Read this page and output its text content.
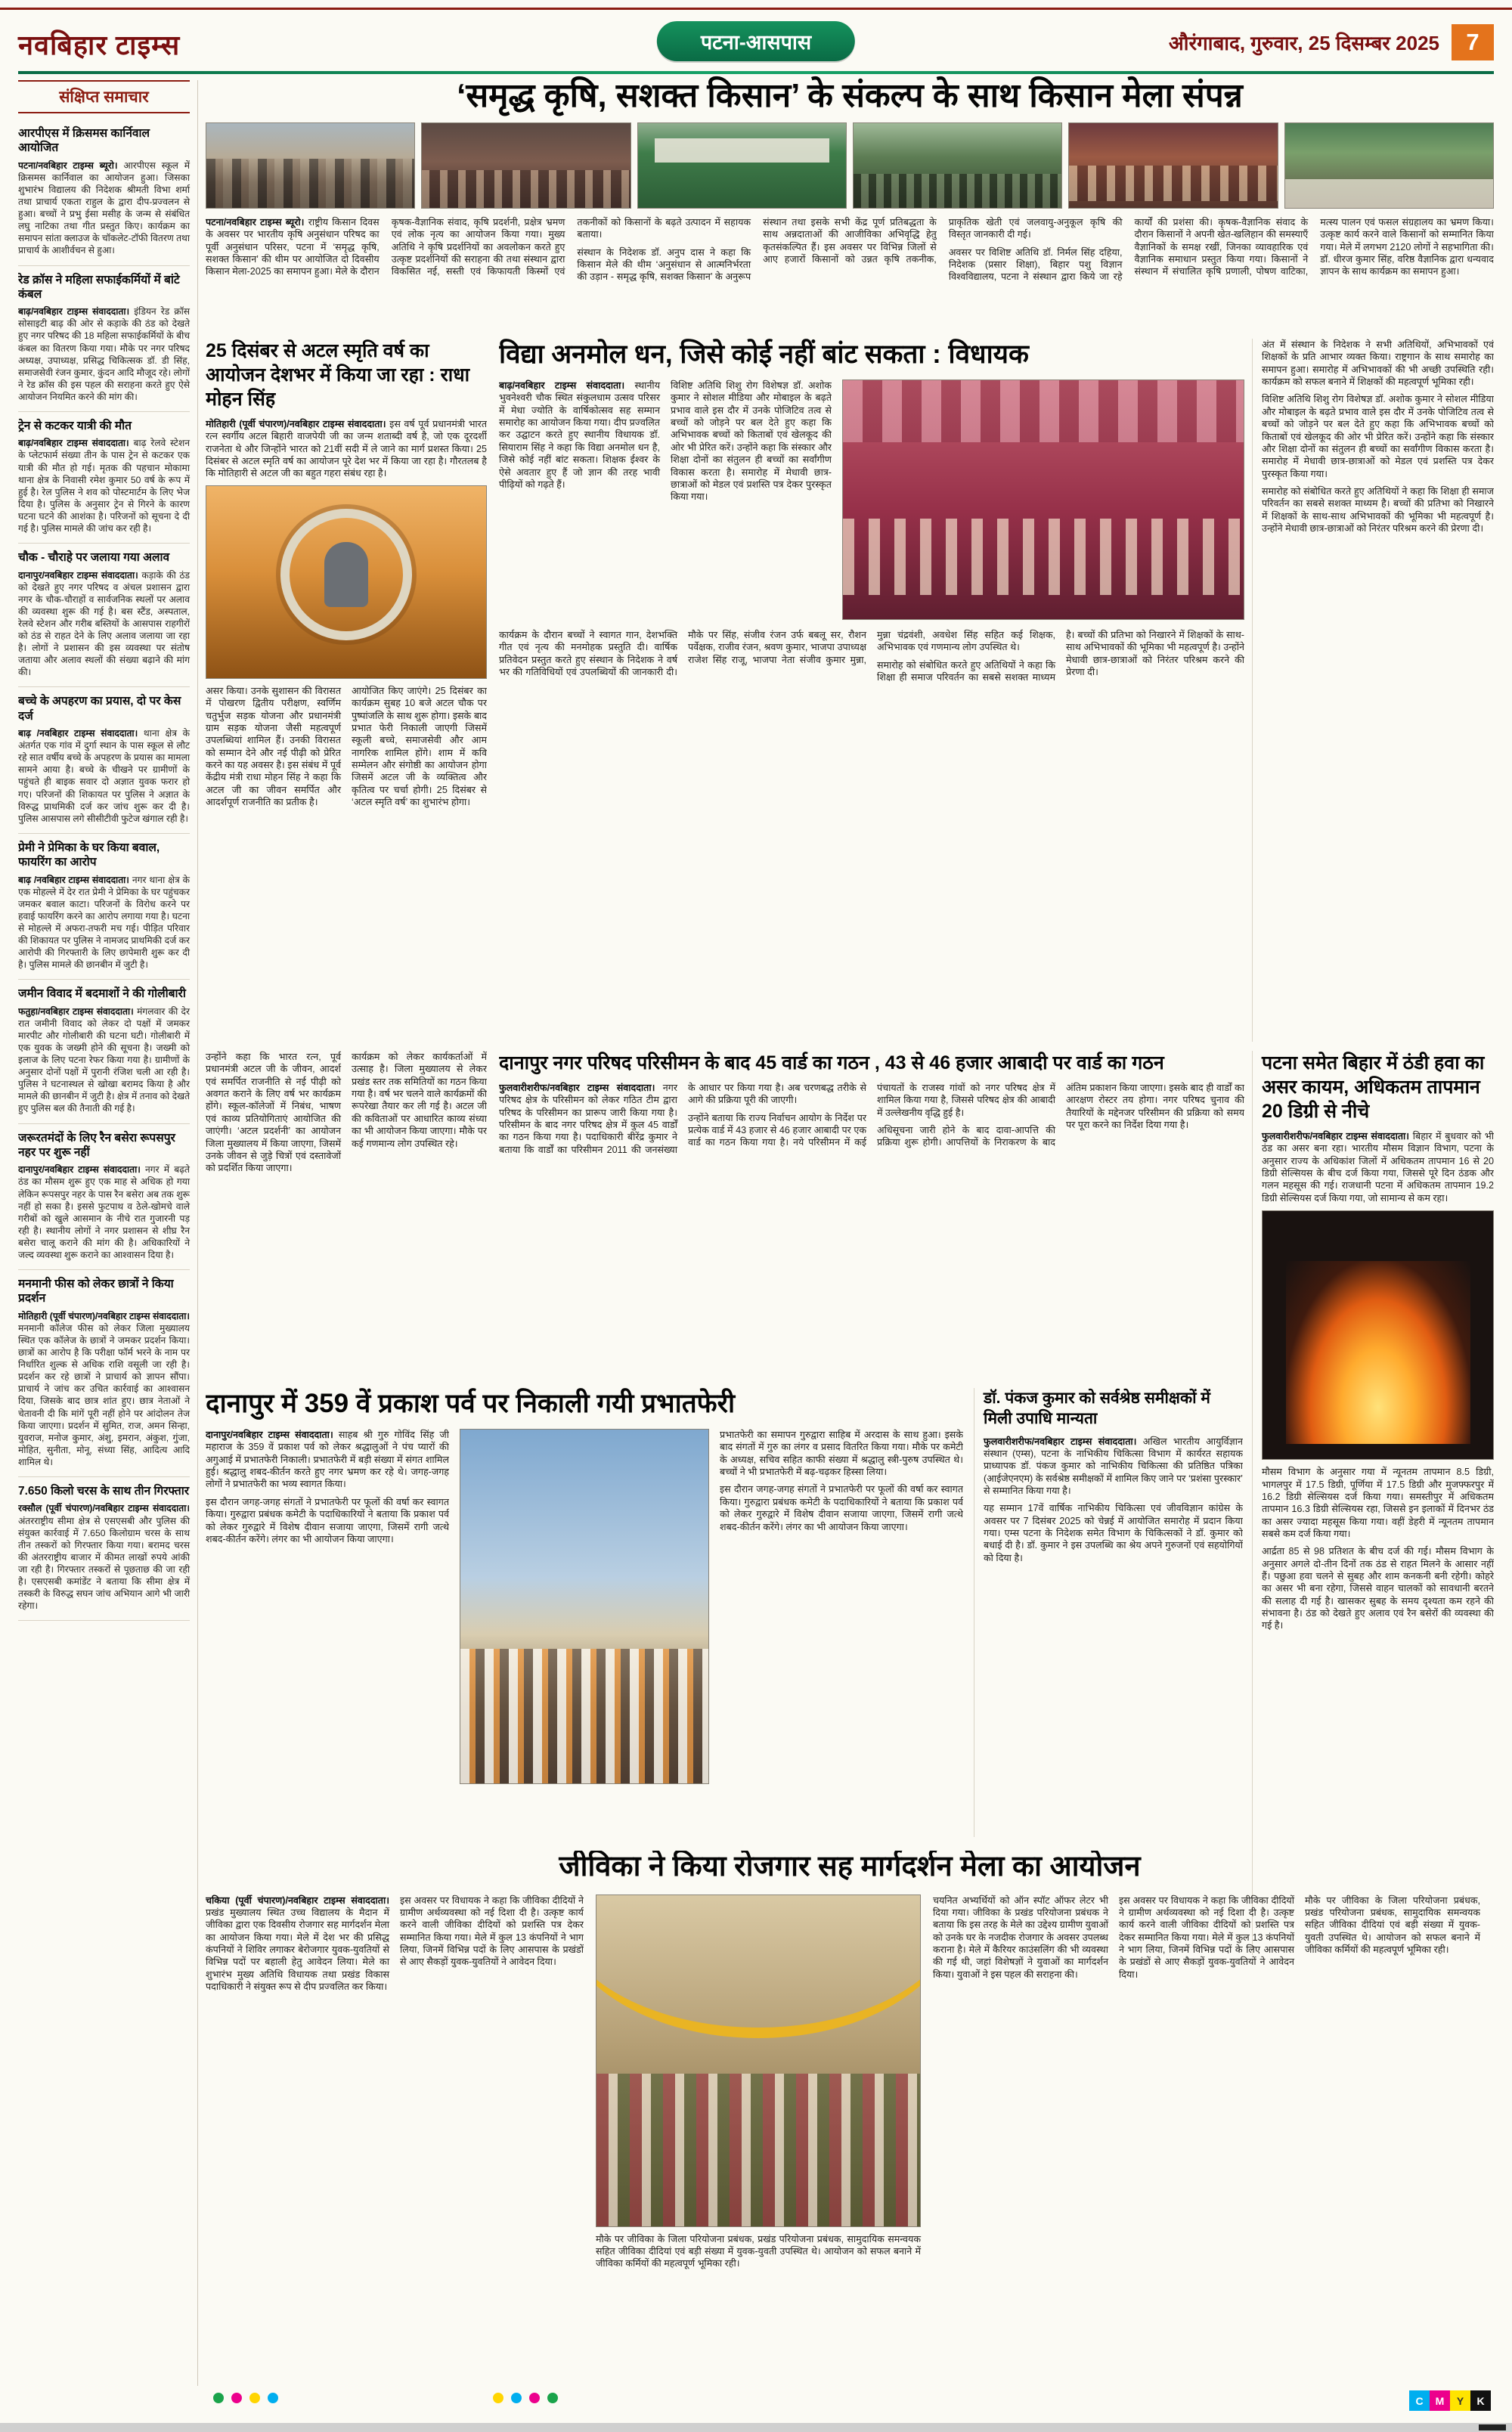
नवबिहार टाइम्स	पटना-आसपास	औरंगाबाद, गुरुवार, 25 दिसम्बर 2025	7
संक्षिप्त समाचार
आरपीएस में क्रिसमस कार्निवाल आयोजित

पटना/नवबिहार टाइम्स ब्यूरो। आरपीएस स्कूल में क्रिसमस कार्निवाल का आयोजन हुआ। जिसका शुभारंभ विद्यालय की निदेशक श्रीमती विभा शर्मा तथा प्राचार्य एकता राहुल के द्वारा दीप-प्रज्वलन से हुआ। बच्चों ने प्रभु ईसा मसीह के जन्म से संबंधित लघु नाटिका तथा गीत प्रस्तुत किए। कार्यक्रम का समापन सांता क्लाउज के चॉकलेट-टॉफी वितरण तथा प्राचार्य के आशीर्वचन से हुआ।

रेड क्रॉस ने महिला सफाईकर्मियों में बांटे कंबल

बाढ़/नवबिहार टाइम्स संवाददाता। इंडियन रेड क्रॉस सोसाइटी बाढ़ की ओर से कड़ाके की ठंड को देखते हुए नगर परिषद की 18 महिला सफाईकर्मियों के बीच कंबल का वितरण किया गया। मौके पर नगर परिषद अध्यक्ष, उपाध्यक्ष, प्रसिद्ध चिकित्सक डॉ. डी सिंह, समाजसेवी रंजन कुमार, कुंदन आदि मौजूद रहे। लोगों ने रेड क्रॉस की इस पहल की सराहना करते हुए ऐसे आयोजन नियमित करने की मांग की।

ट्रेन से कटकर यात्री की मौत

बाढ़/नवबिहार टाइम्स संवाददाता। बाढ़ रेलवे स्टेशन के प्लेटफार्म संख्या तीन के पास ट्रेन से कटकर एक यात्री की मौत हो गई। मृतक की पहचान मोकामा थाना क्षेत्र के निवासी रमेश कुमार 50 वर्ष के रूप में हुई है। रेल पुलिस ने शव को पोस्टमार्टम के लिए भेज दिया है। पुलिस के अनुसार ट्रेन से गिरने के कारण घटना घटने की आशंका है। परिजनों को सूचना दे दी गई है। पुलिस मामले की जांच कर रही है।

चौक - चौराहे पर जलाया गया अलाव

दानापुर/नवबिहार टाइम्स संवाददाता। कड़ाके की ठंड को देखते हुए नगर परिषद व अंचल प्रशासन द्वारा नगर के चौक-चौराहों व सार्वजनिक स्थलों पर अलाव की व्यवस्था शुरू की गई है। बस स्टैंड, अस्पताल, रेलवे स्टेशन और गरीब बस्तियों के आसपास राहगीरों को ठंड से राहत देने के लिए अलाव जलाया जा रहा है। लोगों ने प्रशासन की इस व्यवस्था पर संतोष जताया और अलाव स्थलों की संख्या बढ़ाने की मांग की।

बच्चे के अपहरण का प्रयास, दो पर केस दर्ज

बाढ़ /नवबिहार टाइम्स संवाददाता। थाना क्षेत्र के अंतर्गत एक गांव में दुर्गा स्थान के पास स्कूल से लौट रहे सात वर्षीय बच्चे के अपहरण के प्रयास का मामला सामने आया है। बच्चे के चीखने पर ग्रामीणों के पहुंचते ही बाइक सवार दो अज्ञात युवक फरार हो गए। परिजनों की शिकायत पर पुलिस ने अज्ञात के विरुद्ध प्राथमिकी दर्ज कर जांच शुरू कर दी है। पुलिस आसपास लगे सीसीटीवी फुटेज खंगाल रही है।

प्रेमी ने प्रेमिका के घर किया बवाल, फायरिंग का आरोप

बाढ़ /नवबिहार टाइम्स संवाददाता। नगर थाना क्षेत्र के एक मोहल्ले में देर रात प्रेमी ने प्रेमिका के घर पहुंचकर जमकर बवाल काटा। परिजनों के विरोध करने पर हवाई फायरिंग करने का आरोप लगाया गया है। घटना से मोहल्ले में अफरा-तफरी मच गई। पीड़ित परिवार की शिकायत पर पुलिस ने नामजद प्राथमिकी दर्ज कर आरोपी की गिरफ्तारी के लिए छापेमारी शुरू कर दी है। पुलिस मामले की छानबीन में जुटी है।

जमीन विवाद में बदमाशों ने की गोलीबारी

फतुहा/नवबिहार टाइम्स संवाददाता। मंगलवार की देर रात जमीनी विवाद को लेकर दो पक्षों में जमकर मारपीट और गोलीबारी की घटना घटी। गोलीबारी में एक युवक के जख्मी होने की सूचना है। जख्मी को इलाज के लिए पटना रेफर किया गया है। ग्रामीणों के अनुसार दोनों पक्षों में पुरानी रंजिश चली आ रही है। पुलिस ने घटनास्थल से खोखा बरामद किया है और मामले की छानबीन में जुटी है। क्षेत्र में तनाव को देखते हुए पुलिस बल की तैनाती की गई है।

जरूरतमंदों के लिए रैन बसेरा रूपसपुर नहर पर शुरू नहीं

दानापुर/नवबिहार टाइम्स संवाददाता। नगर में बढ़ते ठंड का मौसम शुरू हुए एक माह से अधिक हो गया लेकिन रूपसपुर नहर के पास रैन बसेरा अब तक शुरू नहीं हो सका है। इससे फुटपाथ व ठेले-खोमचे वाले गरीबों को खुले आसमान के नीचे रात गुजारनी पड़ रही है। स्थानीय लोगों ने नगर प्रशासन से शीघ्र रैन बसेरा चालू कराने की मांग की है। अधिकारियों ने जल्द व्यवस्था शुरू कराने का आश्वासन दिया है।

मनमानी फीस को लेकर छात्रों ने किया प्रदर्शन

मोतिहारी (पूर्वी चंपारण)/नवबिहार टाइम्स संवाददाता। मनमानी कॉलेज फीस को लेकर जिला मुख्यालय स्थित एक कॉलेज के छात्रों ने जमकर प्रदर्शन किया। छात्रों का आरोप है कि परीक्षा फॉर्म भरने के नाम पर निर्धारित शुल्क से अधिक राशि वसूली जा रही है। प्रदर्शन कर रहे छात्रों ने प्राचार्य को ज्ञापन सौंपा। प्राचार्य ने जांच कर उचित कार्रवाई का आश्वासन दिया, जिसके बाद छात्र शांत हुए। छात्र नेताओं ने चेतावनी दी कि मांगें पूरी नहीं होने पर आंदोलन तेज किया जाएगा। प्रदर्शन में सुमित, राज, अमन सिन्हा, युवराज, मनोज कुमार, अंशु, इमरान, अंकुश, गुंजा, मोहित, सुनीता, मोनू, संध्या सिंह, आदित्य आदि शामिल थे।

7.650 किलो चरस के साथ तीन गिरफ्तार

रक्सौल (पूर्वी चंपारण)/नवबिहार टाइम्स संवाददाता। अंतरराष्ट्रीय सीमा क्षेत्र से एसएसबी और पुलिस की संयुक्त कार्रवाई में 7.650 किलोग्राम चरस के साथ तीन तस्करों को गिरफ्तार किया गया। बरामद चरस की अंतरराष्ट्रीय बाजार में कीमत लाखों रुपये आंकी जा रही है। गिरफ्तार तस्करों से पूछताछ की जा रही है। एसएसबी कमांडेंट ने बताया कि सीमा क्षेत्र में तस्करी के विरुद्ध सघन जांच अभियान आगे भी जारी रहेगा।

‘समृद्ध कृषि, सशक्त किसान’ के संकल्प के साथ किसान मेला संपन्न

पटना/नवबिहार टाइम्स ब्यूरो। राष्ट्रीय किसान दिवस के अवसर पर भारतीय कृषि अनुसंधान परिषद का पूर्वी अनुसंधान परिसर, पटना में ‘समृद्ध कृषि, सशक्त किसान’ की थीम पर आयोजित दो दिवसीय किसान मेला-2025 का समापन हुआ। मेले के दौरान कृषक-वैज्ञानिक संवाद, कृषि प्रदर्शनी, प्रक्षेत्र भ्रमण एवं लोक नृत्य का आयोजन किया गया। मुख्य अतिथि ने कृषि प्रदर्शनियों का अवलोकन करते हुए उत्कृष्ट प्रदर्शनियों की सराहना की तथा संस्थान द्वारा विकसित नई, सस्ती एवं किफायती किस्मों एवं तकनीकों को किसानों के बढ़ते उत्पादन में सहायक बताया।

संस्थान के निदेशक डॉ. अनुप दास ने कहा कि किसान मेले की थीम ‘अनुसंधान से आत्मनिर्भरता की उड़ान - समृद्ध कृषि, सशक्त किसान’ के अनुरूप संस्थान तथा इसके सभी केंद्र पूर्ण प्रतिबद्धता के साथ अन्नदाताओं की आजीविका अभिवृद्धि हेतु कृतसंकल्पित हैं। इस अवसर पर विभिन्न जिलों से आए हजारों किसानों को उन्नत कृषि तकनीक, प्राकृतिक खेती एवं जलवायु-अनुकूल कृषि की विस्तृत जानकारी दी गई।

अवसर पर विशिष्ट अतिथि डॉ. निर्मल सिंह दहिया, निदेशक (प्रसार शिक्षा), बिहार पशु विज्ञान विश्वविद्यालय, पटना ने संस्थान द्वारा किये जा रहे कार्यों की प्रशंसा की। कृषक-वैज्ञानिक संवाद के दौरान किसानों ने अपनी खेत-खलिहान की समस्याएँ वैज्ञानिकों के समक्ष रखीं, जिनका व्यावहारिक एवं वैज्ञानिक समाधान प्रस्तुत किया गया। किसानों ने संस्थान में संचालित कृषि प्रणाली, पोषण वाटिका, मत्स्य पालन एवं फसल संग्रहालय का भ्रमण किया। उत्कृष्ट कार्य करने वाले किसानों को सम्मानित किया गया। मेले में लगभग 2120 लोगों ने सहभागिता की। डॉ. धीरज कुमार सिंह, वरिष्ठ वैज्ञानिक द्वारा धन्यवाद ज्ञापन के साथ कार्यक्रम का समापन हुआ।

25 दिसंबर से अटल स्मृति वर्ष का आयोजन देशभर में किया जा रहा : राधा मोहन सिंह

मोतिहारी (पूर्वी चंपारण)/नवबिहार टाइम्स संवाददाता। इस वर्ष पूर्व प्रधानमंत्री भारत रत्न स्वर्गीय अटल बिहारी वाजपेयी जी का जन्म शताब्दी वर्ष है, जो एक दूरदर्शी राजनेता थे और जिन्होंने भारत को 21वीं सदी में ले जाने का मार्ग प्रशस्त किया। 25 दिसंबर से अटल स्मृति वर्ष का आयोजन पूरे देश भर में किया जा रहा है। गौरतलब है कि मोतिहारी से अटल जी का बहुत गहरा संबंध रहा है।

असर किया। उनके सुशासन की विरासत में पोखरण द्वितीय परीक्षण, स्वर्णिम चतुर्भुज सड़क योजना और प्रधानमंत्री ग्राम सड़क योजना जैसी महत्वपूर्ण उपलब्धियां शामिल हैं। उनकी विरासत को सम्मान देने और नई पीढ़ी को प्रेरित करने का यह अवसर है। इस संबंध में पूर्व केंद्रीय मंत्री राधा मोहन सिंह ने कहा कि अटल जी का जीवन समर्पित और आदर्शपूर्ण राजनीति का प्रतीक है।

आयोजित किए जाएंगे। 25 दिसंबर का कार्यक्रम सुबह 10 बजे अटल चौक पर पुष्पांजलि के साथ शुरू होगा। इसके बाद प्रभात फेरी निकाली जाएगी जिसमें स्कूली बच्चे, समाजसेवी और आम नागरिक शामिल होंगे। शाम में कवि सम्मेलन और संगोष्ठी का आयोजन होगा जिसमें अटल जी के व्यक्तित्व और कृतित्व पर चर्चा होगी। 25 दिसंबर से ‘अटल स्मृति वर्ष’ का शुभारंभ होगा।

विद्या अनमोल धन, जिसे कोई नहीं बांट सकता : विधायक

बाढ़/नवबिहार टाइम्स संवाददाता। स्थानीय भुवनेश्वरी चौक स्थित संकुलधाम उत्सव परिसर में मेधा ज्योति के वार्षिकोत्सव सह सम्मान समारोह का आयोजन किया गया। दीप प्रज्वलित कर उद्घाटन करते हुए स्थानीय विधायक डॉ. सियाराम सिंह ने कहा कि विद्या अनमोल धन है, जिसे कोई नहीं बांट सकता। शिक्षक ईश्वर के ऐसे अवतार हुए हैं जो ज्ञान की तरह भावी पीढ़ियों को गढ़ते हैं।

विशिष्ट अतिथि शिशु रोग विशेषज्ञ डॉ. अशोक कुमार ने सोशल मीडिया और मोबाइल के बढ़ते प्रभाव वाले इस दौर में उनके पोजिटिव तत्व से बच्चों को जोड़ने पर बल देते हुए कहा कि अभिभावक बच्चों को किताबों एवं खेलकूद की ओर भी प्रेरित करें। उन्होंने कहा कि संस्कार और शिक्षा दोनों का संतुलन ही बच्चों का सर्वांगीण विकास करता है। समारोह में मेधावी छात्र-छात्राओं को मेडल एवं प्रशस्ति पत्र देकर पुरस्कृत किया गया।

कार्यक्रम के दौरान बच्चों ने स्वागत गान, देशभक्ति गीत एवं नृत्य की मनमोहक प्रस्तुति दी। वार्षिक प्रतिवेदन प्रस्तुत करते हुए संस्थान के निदेशक ने वर्ष भर की गतिविधियों एवं उपलब्धियों की जानकारी दी। मौके पर सिंह, संजीव रंजन उर्फ बबलू सर, रौशन पर्वेक्षक, राजीव रंजन, श्रवण कुमार, भाजपा उपाध्यक्ष राजेश सिंह राजू, भाजपा नेता संजीव कुमार मुन्ना, मुन्ना चंद्रवंशी, अवधेश सिंह सहित कई शिक्षक, अभिभावक एवं गणमान्य लोग उपस्थित थे।

समारोह को संबोधित करते हुए अतिथियों ने कहा कि शिक्षा ही समाज परिवर्तन का सबसे सशक्त माध्यम है। बच्चों की प्रतिभा को निखारने में शिक्षकों के साथ-साथ अभिभावकों की भूमिका भी महत्वपूर्ण है। उन्होंने मेधावी छात्र-छात्राओं को निरंतर परिश्रम करने की प्रेरणा दी।

अंत में संस्थान के निदेशक ने सभी अतिथियों, अभिभावकों एवं शिक्षकों के प्रति आभार व्यक्त किया। राष्ट्रगान के साथ समारोह का समापन हुआ। समारोह में अभिभावकों की भी अच्छी उपस्थिति रही। कार्यक्रम को सफल बनाने में शिक्षकों की महत्वपूर्ण भूमिका रही।

विशिष्ट अतिथि शिशु रोग विशेषज्ञ डॉ. अशोक कुमार ने सोशल मीडिया और मोबाइल के बढ़ते प्रभाव वाले इस दौर में उनके पोजिटिव तत्व से बच्चों को जोड़ने पर बल देते हुए कहा कि अभिभावक बच्चों को किताबों एवं खेलकूद की ओर भी प्रेरित करें। उन्होंने कहा कि संस्कार और शिक्षा दोनों का संतुलन ही बच्चों का सर्वांगीण विकास करता है। समारोह में मेधावी छात्र-छात्राओं को मेडल एवं प्रशस्ति पत्र देकर पुरस्कृत किया गया।

समारोह को संबोधित करते हुए अतिथियों ने कहा कि शिक्षा ही समाज परिवर्तन का सबसे सशक्त माध्यम है। बच्चों की प्रतिभा को निखारने में शिक्षकों के साथ-साथ अभिभावकों की भूमिका भी महत्वपूर्ण है। उन्होंने मेधावी छात्र-छात्राओं को निरंतर परिश्रम करने की प्रेरणा दी।

उन्होंने कहा कि भारत रत्न, पूर्व प्रधानमंत्री अटल जी के जीवन, आदर्श एवं समर्पित राजनीति से नई पीढ़ी को अवगत कराने के लिए वर्ष भर कार्यक्रम होंगे। स्कूल-कॉलेजों में निबंध, भाषण एवं काव्य प्रतियोगिताएं आयोजित की जाएंगी। ‘अटल प्रदर्शनी’ का आयोजन जिला मुख्यालय में किया जाएगा, जिसमें उनके जीवन से जुड़े चित्रों एवं दस्तावेजों को प्रदर्शित किया जाएगा।

कार्यक्रम को लेकर कार्यकर्ताओं में उत्साह है। जिला मुख्यालय से लेकर प्रखंड स्तर तक समितियों का गठन किया गया है। वर्ष भर चलने वाले कार्यक्रमों की रूपरेखा तैयार कर ली गई है। अटल जी की कविताओं पर आधारित काव्य संध्या का भी आयोजन किया जाएगा। मौके पर कई गणमान्य लोग उपस्थित रहे।

दानापुर नगर परिषद परिसीमन के बाद 45 वार्ड का गठन , 43 से 46 हजार आबादी पर वार्ड का गठन

फुलवारीशरीफ/नवबिहार टाइम्स संवाददाता। नगर परिषद क्षेत्र के परिसीमन को लेकर गठित टीम द्वारा परिषद के परिसीमन का प्रारूप जारी किया गया है। परिसीमन के बाद नगर परिषद क्षेत्र में कुल 45 वार्डों का गठन किया गया है। पदाधिकारी बीरेंद्र कुमार ने बताया कि वार्डों का परिसीमन 2011 की जनसंख्या के आधार पर किया गया है। अब चरणबद्ध तरीके से आगे की प्रक्रिया पूरी की जाएगी।

उन्होंने बताया कि राज्य निर्वाचन आयोग के निर्देश पर प्रत्येक वार्ड में 43 हजार से 46 हजार आबादी पर एक वार्ड का गठन किया गया है। नये परिसीमन में कई पंचायतों के राजस्व गांवों को नगर परिषद क्षेत्र में शामिल किया गया है, जिससे परिषद क्षेत्र की आबादी में उल्लेखनीय वृद्धि हुई है।

अधिसूचना जारी होने के बाद दावा-आपत्ति की प्रक्रिया शुरू होगी। आपत्तियों के निराकरण के बाद अंतिम प्रकाशन किया जाएगा। इसके बाद ही वार्डों का आरक्षण रोस्टर तय होगा। नगर परिषद चुनाव की तैयारियों के मद्देनजर परिसीमन की प्रक्रिया को समय पर पूरा करने का निर्देश दिया गया है।

पटना समेत बिहार में ठंडी हवा का असर कायम, अधिकतम तापमान 20 डिग्री से नीचे

फुलवारीशरीफ/नवबिहार टाइम्स संवाददाता। बिहार में बुधवार को भी ठंड का असर बना रहा। भारतीय मौसम विज्ञान विभाग, पटना के अनुसार राज्य के अधिकांश जिलों में अधिकतम तापमान 16 से 20 डिग्री सेल्सियस के बीच दर्ज किया गया, जिससे पूरे दिन ठंडक और गलन महसूस की गई। राजधानी पटना में अधिकतम तापमान 19.2 डिग्री सेल्सियस दर्ज किया गया, जो सामान्य से कम रहा।

मौसम विभाग के अनुसार गया में न्यूनतम तापमान 8.5 डिग्री, भागलपुर में 17.5 डिग्री, पूर्णिया में 17.5 डिग्री और मुजफ्फरपुर में 16.2 डिग्री सेल्सियस दर्ज किया गया। समस्तीपुर में अधिकतम तापमान 16.3 डिग्री सेल्सियस रहा, जिससे इन इलाकों में दिनभर ठंड का असर ज्यादा महसूस किया गया। वहीं डेहरी में न्यूनतम तापमान सबसे कम दर्ज किया गया।

आर्द्रता 85 से 98 प्रतिशत के बीच दर्ज की गई। मौसम विभाग के अनुसार अगले दो-तीन दिनों तक ठंड से राहत मिलने के आसार नहीं हैं। पछुआ हवा चलने से सुबह और शाम कनकनी बनी रहेगी। कोहरे का असर भी बना रहेगा, जिससे वाहन चालकों को सावधानी बरतने की सलाह दी गई है। खासकर सुबह के समय दृश्यता कम रहने की संभावना है। ठंड को देखते हुए अलाव एवं रैन बसेरों की व्यवस्था की गई है।

दानापुर में 359 वें प्रकाश पर्व पर निकाली गयी प्रभातफेरी

दानापुर/नवबिहार टाइम्स संवाददाता। साहब श्री गुरु गोविंद सिंह जी महाराज के 359 वें प्रकाश पर्व को लेकर श्रद्धालुओं ने पंच प्यारों की अगुआई में प्रभातफेरी निकाली। प्रभातफेरी में बड़ी संख्या में संगत शामिल हुई। श्रद्धालु शबद-कीर्तन करते हुए नगर भ्रमण कर रहे थे। जगह-जगह लोगों ने प्रभातफेरी का भव्य स्वागत किया।

इस दौरान जगह-जगह संगतों ने प्रभातफेरी पर फूलों की वर्षा कर स्वागत किया। गुरुद्वारा प्रबंधक कमेटी के पदाधिकारियों ने बताया कि प्रकाश पर्व को लेकर गुरुद्वारे में विशेष दीवान सजाया जाएगा, जिसमें रागी जत्थे शबद-कीर्तन करेंगे। लंगर का भी आयोजन किया जाएगा।

प्रभातफेरी का समापन गुरुद्वारा साहिब में अरदास के साथ हुआ। इसके बाद संगतों में गुरु का लंगर व प्रसाद वितरित किया गया। मौके पर कमेटी के अध्यक्ष, सचिव सहित काफी संख्या में श्रद्धालु स्त्री-पुरुष उपस्थित थे। बच्चों ने भी प्रभातफेरी में बढ़-चढ़कर हिस्सा लिया।

इस दौरान जगह-जगह संगतों ने प्रभातफेरी पर फूलों की वर्षा कर स्वागत किया। गुरुद्वारा प्रबंधक कमेटी के पदाधिकारियों ने बताया कि प्रकाश पर्व को लेकर गुरुद्वारे में विशेष दीवान सजाया जाएगा, जिसमें रागी जत्थे शबद-कीर्तन करेंगे। लंगर का भी आयोजन किया जाएगा।

डॉ. पंकज कुमार को सर्वश्रेष्ठ समीक्षकों में मिली उपाधि मान्यता

फुलवारीशरीफ/नवबिहार टाइम्स संवाददाता। अखिल भारतीय आयुर्विज्ञान संस्थान (एम्स), पटना के नाभिकीय चिकित्सा विभाग में कार्यरत सहायक प्राध्यापक डॉ. पंकज कुमार को नाभिकीय चिकित्सा की प्रतिष्ठित पत्रिका (आईजेएनएम) के सर्वश्रेष्ठ समीक्षकों में शामिल किए जाने पर ‘प्रशंसा पुरस्कार’ से सम्मानित किया गया है।

यह सम्मान 17वें वार्षिक नाभिकीय चिकित्सा एवं जीवविज्ञान कांग्रेस के अवसर पर 7 दिसंबर 2025 को चेन्नई में आयोजित समारोह में प्रदान किया गया। एम्स पटना के निदेशक समेत विभाग के चिकित्सकों ने डॉ. कुमार को बधाई दी है। डॉ. कुमार ने इस उपलब्धि का श्रेय अपने गुरुजनों एवं सहयोगियों को दिया है।

जीविका ने किया रोजगार सह मार्गदर्शन मेला का आयोजन

चकिया (पूर्वी चंपारण)/नवबिहार टाइम्स संवाददाता। प्रखंड मुख्यालय स्थित उच्च विद्यालय के मैदान में जीविका द्वारा एक दिवसीय रोजगार सह मार्गदर्शन मेला का आयोजन किया गया। मेले में देश भर की प्रसिद्ध कंपनियों ने शिविर लगाकर बेरोजगार युवक-युवतियों से विभिन्न पदों पर बहाली हेतु आवेदन लिया। मेले का शुभारंभ मुख्य अतिथि विधायक तथा प्रखंड विकास पदाधिकारी ने संयुक्त रूप से दीप प्रज्वलित कर किया।

इस अवसर पर विधायक ने कहा कि जीविका दीदियों ने ग्रामीण अर्थव्यवस्था को नई दिशा दी है। उत्कृष्ट कार्य करने वाली जीविका दीदियों को प्रशस्ति पत्र देकर सम्मानित किया गया। मेले में कुल 13 कंपनियों ने भाग लिया, जिनमें विभिन्न पदों के लिए आसपास के प्रखंडों से आए सैकड़ों युवक-युवतियों ने आवेदन दिया।

मौके पर जीविका के जिला परियोजना प्रबंधक, प्रखंड परियोजना प्रबंधक, सामुदायिक समन्वयक सहित जीविका दीदियां एवं बड़ी संख्या में युवक-युवती उपस्थित थे। आयोजन को सफल बनाने में जीविका कर्मियों की महत्वपूर्ण भूमिका रही।

चयनित अभ्यर्थियों को ऑन स्पॉट ऑफर लेटर भी दिया गया। जीविका के प्रखंड परियोजना प्रबंधक ने बताया कि इस तरह के मेले का उद्देश्य ग्रामीण युवाओं को उनके घर के नजदीक रोजगार के अवसर उपलब्ध कराना है। मेले में कैरियर काउंसलिंग की भी व्यवस्था की गई थी, जहां विशेषज्ञों ने युवाओं का मार्गदर्शन किया। युवाओं ने इस पहल की सराहना की।

इस अवसर पर विधायक ने कहा कि जीविका दीदियों ने ग्रामीण अर्थव्यवस्था को नई दिशा दी है। उत्कृष्ट कार्य करने वाली जीविका दीदियों को प्रशस्ति पत्र देकर सम्मानित किया गया। मेले में कुल 13 कंपनियों ने भाग लिया, जिनमें विभिन्न पदों के लिए आसपास के प्रखंडों से आए सैकड़ों युवक-युवतियों ने आवेदन दिया।

मौके पर जीविका के जिला परियोजना प्रबंधक, प्रखंड परियोजना प्रबंधक, सामुदायिक समन्वयक सहित जीविका दीदियां एवं बड़ी संख्या में युवक-युवती उपस्थित थे। आयोजन को सफल बनाने में जीविका कर्मियों की महत्वपूर्ण भूमिका रही।

C	M	Y	K
